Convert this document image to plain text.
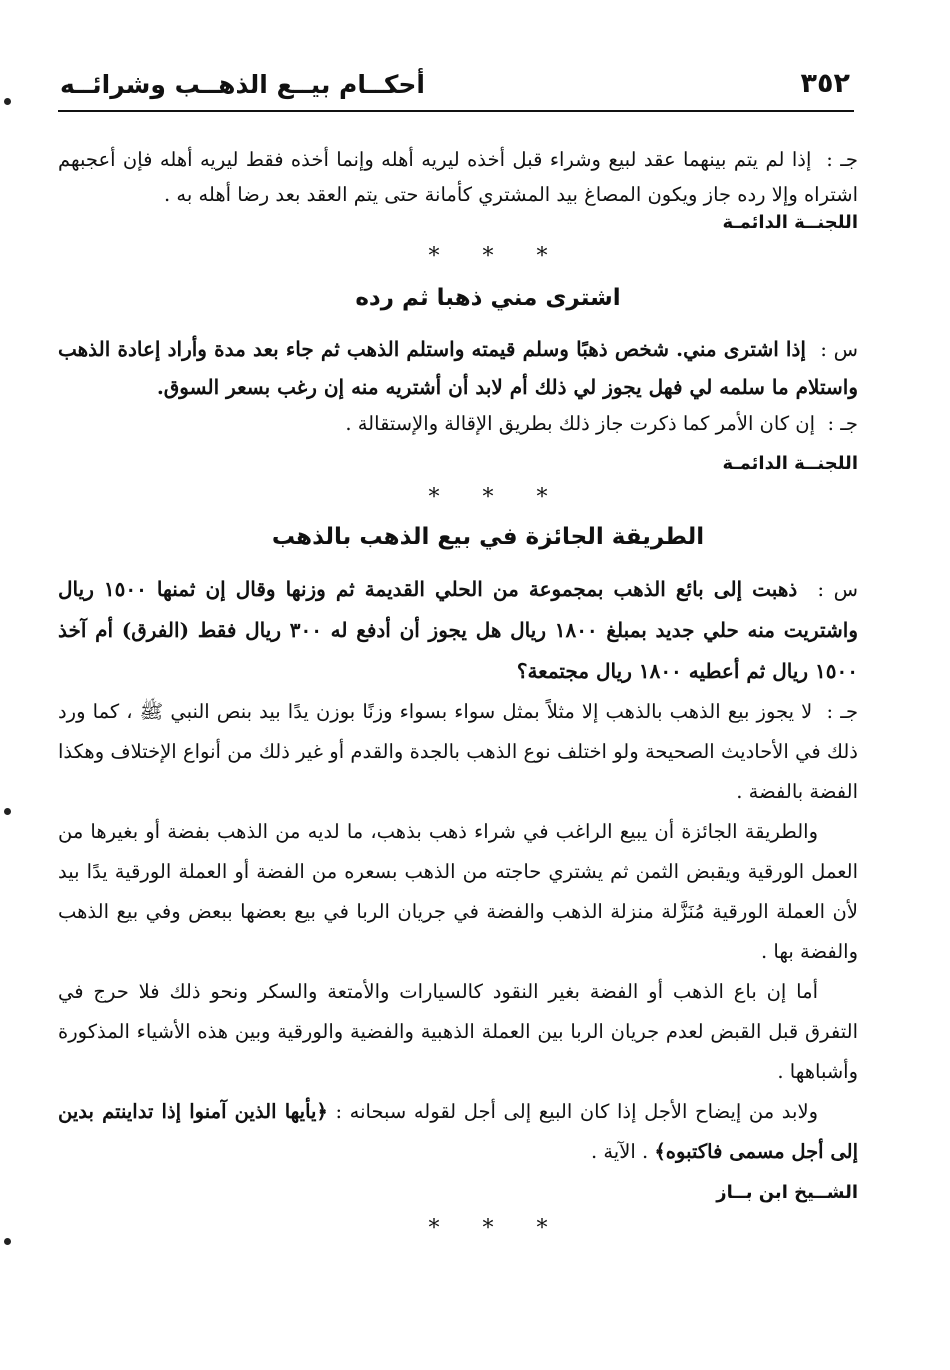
٣٥٢
أحكــام بيــع الذهــب وشرائــه

جـ :  إذا لم يتم بينهما عقد لبيع وشراء قبل أخذه ليريه أهله وإنما أخذه فقط ليريه أهله فإن أعجبهم اشتراه وإلا رده جاز ويكون المصاغ بيد المشتري كأمانة حتى يتم العقد بعد رضا أهله به .

اللجنــة الدائمـة

* * *

اشترى مني ذهبا ثم رده

س :  إذا اشترى مني. شخص ذهبًا وسلم قيمته واستلم الذهب ثم جاء بعد مدة وأراد إعادة الذهب واستلام ما سلمه لي فهل يجوز لي ذلك أم لابد أن أشتريه منه إن رغب بسعر السوق.

جـ :  إن كان الأمر كما ذكرت جاز ذلك بطريق الإقالة والإستقالة .

اللجنــة الدائمـة

* * *

الطريقة الجائزة في بيع الذهب بالذهب

س :  ذهبت إلى بائع الذهب بمجموعة من الحلي القديمة ثم وزنها وقال إن ثمنها ١٥٠٠ ريال واشتريت منه حلي جديد بمبلغ ١٨٠٠ ريال هل يجوز أن أدفع له ٣٠٠ ريال فقط (الفرق) أم آخذ ١٥٠٠ ريال ثم أعطيه ١٨٠٠ ريال مجتمعة؟

جـ :  لا يجوز بيع الذهب بالذهب إلا مثلاً بمثل سواء بسواء وزنًا بوزن يدًا بيد بنص النبي ﷺ ، كما ورد ذلك في الأحاديث الصحيحة ولو اختلف نوع الذهب بالجدة والقدم أو غير ذلك من أنواع الإختلاف وهكذا الفضة بالفضة .

والطريقة الجائزة أن يبيع الراغب في شراء ذهب بذهب، ما لديه من الذهب بفضة أو بغيرها من العمل الورقية ويقبض الثمن ثم يشتري حاجته من الذهب بسعره من الفضة أو العملة الورقية يدًا بيد لأن العملة الورقية مُنَزَّلة منزلة الذهب والفضة في جريان الربا في بيع بعضها ببعض وفي بيع الذهب والفضة بها .

أما إن باع الذهب أو الفضة بغير النقود كالسيارات والأمتعة والسكر ونحو ذلك فلا حرج في التفرق قبل القبض لعدم جريان الربا بين العملة الذهبية والفضية والورقية وبين هذه الأشياء المذكورة وأشباهها .

ولابد من إيضاح الأجل إذا كان البيع إلى أجل لقوله سبحانه : ﴿يأيها الذين آمنوا إذا تداينتم بدين إلى أجل مسمى فاكتبوه﴾ . الآية .

الشــيخ ابن بــاز

* * *
